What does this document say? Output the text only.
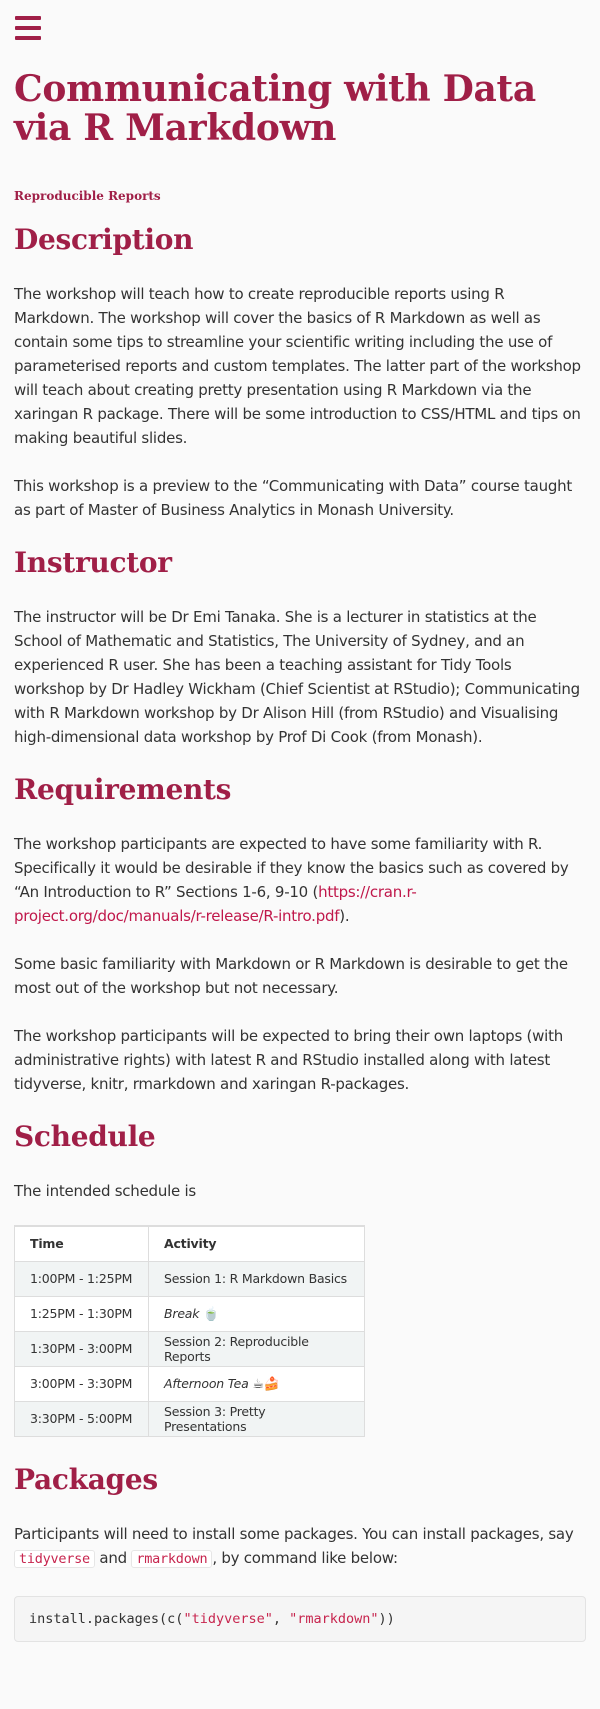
Communicating with Data via R Markdown
Reproducible Reports
Description

The workshop will teach how to create reproducible reports using R Markdown. The workshop will cover the basics of R Markdown as well as contain some tips to streamline your scientific writing including the use of parameterised reports and custom templates. The latter part of the workshop will teach about creating pretty presentation using R Markdown via the xaringan R package. There will be some introduction to CSS/HTML and tips on making beautiful slides.

This workshop is a preview to the “Communicating with Data” course taught as part of Master of Business Analytics in Monash University.

Instructor

The instructor will be Dr Emi Tanaka. She is a lecturer in statistics at the School of Mathematic and Statistics, The University of Sydney, and an experienced R user. She has been a teaching assistant for Tidy Tools workshop by Dr Hadley Wickham (Chief Scientist at RStudio); Communicating with R Markdown workshop by Dr Alison Hill (from RStudio) and Visualising high-dimensional data workshop by Prof Di Cook (from Monash).

Requirements

The workshop participants are expected to have some familiarity with R. Specifically it would be desirable if they know the basics such as covered by “An Introduction to R” Sections 1-6, 9-10 (https://cran.r-project.org/doc/manuals/r-release/R-intro.pdf).

Some basic familiarity with Markdown or R Markdown is desirable to get the most out of the workshop but not necessary.

The workshop participants will be expected to bring their own laptops (with administrative rights) with latest R and RStudio installed along with latest tidyverse, knitr, rmarkdown and xaringan R-packages.

Schedule

The intended schedule is

Time	Activity
1:00PM - 1:25PM	Session 1: R Markdown Basics
1:25PM - 1:30PM	Break 🍵
1:30PM - 3:00PM	Session 2: Reproducible Reports
3:00PM - 3:30PM	Afternoon Tea ☕🍰
3:30PM - 5:00PM	Session 3: Pretty Presentations
Packages

Participants will need to install some packages. You can install packages, say tidyverse and rmarkdown , by command like below:

install.packages(c("tidyverse", "rmarkdown"))
